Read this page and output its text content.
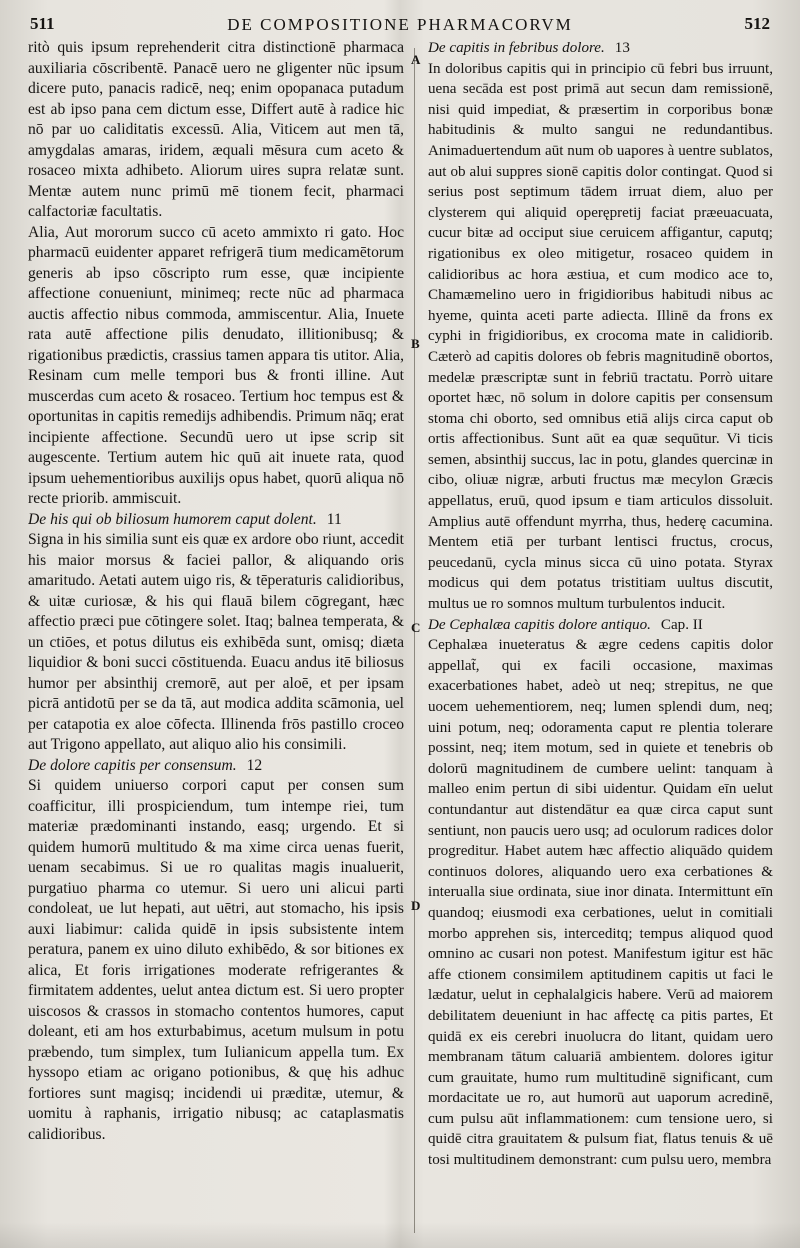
511	DE COMPOSITIONE PHARMACORVM	512

ritò quis ipsum reprehenderit citra distinctionē pharmaca auxiliaria cōscribentē. Panacē uero ne gligenter nūc ipsum dicere puto, panacis radicē, neq; enim opopanaca putadum est ab ipso pana cem dictum esse, Differt autē à radice hic nō par uo caliditatis excessū. Alia, Viticem aut men tā, amygdalas amaras, iridem, æquali mēsura cum aceto & rosaceo mixta adhibeto. Aliorum uires supra relatæ sunt. Mentæ autem nunc primū mē tionem fecit, pharmaci calfactoriæ facultatis.

Alia, Aut mororum succo cū aceto ammixto ri gato. Hoc pharmacū euidenter apparet refrigerā tium medicamētorum generis ab ipso cōscripto rum esse, quæ incipiente affectione conueniunt, minimeq; recte nūc ad pharmaca auctis affectio nibus commoda, ammiscentur. Alia, Inuete rata autē affectione pilis denudato, illitionibusq; & rigationibus prædictis, crassius tamen appara tis utitor. Alia, Resinam cum melle tempori bus & fronti illine. Aut muscerdas cum aceto & rosaceo. Tertium hoc tempus est & oportunitas in capitis remedijs adhibendis. Primum nāq; erat incipiente affectione. Secundū uero ut ipse scrip sit augescente. Tertium autem hic quū ait inuete rata, quod ipsum uehementioribus auxilijs opus habet, quorū aliqua nō recte priorib. ammiscuit.

De his qui ob biliosum humorem caput dolent. 11

Signa in his similia sunt eis quæ ex ardore obo riunt, accedit his maior morsus & faciei pallor, & aliquando oris amaritudo. Aetati autem uigo ris, & tēperaturis calidioribus, & uitæ curiosæ, & his qui flauā bilem cōgregant, hæc affectio præci pue cōtingere solet. Itaq; balnea temperata, & un ctiōes, et potus dilutus eis exhibēda sunt, omisq; diæta liquidior & boni succi cōstituenda. Euacu andus itē biliosus humor per absinthij cremorē, aut per aloē, et per ipsam picrā antidotū per se da tā, aut modica addita scāmonia, uel per catapotia ex aloe cōfecta. Illinenda frōs pastillo croceo aut Trigono appellato, aut aliquo alio his consimili.

De dolore capitis per consensum. 12

Si quidem uniuerso corpori caput per consen sum coafficitur, illi prospiciendum, tum intempe riei, tum materiæ prædominanti instando, easq; urgendo. Et si quidem humorū multitudo & ma xime circa uenas fuerit, uenam secabimus. Si ue ro qualitas magis inualuerit, purgatiuo pharma co utemur. Si uero uni alicui parti condoleat, ue lut hepati, aut uētri, aut stomacho, his ipsis auxi liabimur: calida quidē in ipsis subsistente intem peratura, panem ex uino diluto exhibēdo, & sor bitiones ex alica, Et foris irrigationes moderate refrigerantes & firmitatem addentes, uelut antea dictum est. Si uero propter uiscosos & crassos in stomacho contentos humores, caput doleant, eti am hos exturbabimus, acetum mulsum in potu præbendo, tum simplex, tum Iulianicum appella tum. Ex hyssopo etiam ac origano potionibus, & quę his adhuc fortiores sunt magisq; incidendi ui præditæ, utemur, & uomitu à raphanis, irrigatio nibusq; ac cataplasmatis calidioribus.

A
B
C
D

De capitis in febribus dolore. 13

In doloribus capitis qui in principio cū febri bus irruunt, uena secāda est post primā aut secun dam remissionē, nisi quid impediat, & præsertim in corporibus bonæ habitudinis & multo sangui ne redundantibus. Animaduertendum aūt num ob uapores à uentre sublatos, aut ob alui suppres sionē capitis dolor contingat. Quod si serius post septimum tādem irruat diem, aluo per clysterem qui aliquid operępretij faciat præeuacuata, cucur bitæ ad occiput siue ceruicem affigantur, caputq; rigationibus ex oleo mitigetur, rosaceo quidem in calidioribus ac hora æstiua, et cum modico ace to, Chamæmelino uero in frigidioribus habitudi nibus ac hyeme, quinta aceti parte adiecta. Illinē da frons ex cyphi in frigidioribus, ex crocoma mate in calidiorib. Cæterò ad capitis dolores ob febris magnitudinē obortos, medelæ præscriptæ sunt in febriū tractatu. Porrò uitare oportet hæc, nō solum in dolore capitis per consensum stoma chi oborto, sed omnibus etiā alijs circa caput ob ortis affectionibus. Sunt aūt ea quæ sequūtur. Vi ticis semen, absinthij succus, lac in potu, glandes quercinæ in cibo, oliuæ nigræ, arbuti fructus mæ mecylon Græcis appellatus, eruū, quod ipsum e tiam articulos dissoluit. Amplius autē offendunt myrrha, thus, hederę cacumina. Mentem etiā per turbant lentisci fructus, crocus, peucedanū, cycla minus sicca cū uino potata. Styrax modicus qui dem potatus tristitiam uultus discutit, multus ue ro somnos multum turbulentos inducit.

De Cephalæa capitis dolore antiquo. Cap. II

Cephalæa inueteratus & ægre cedens capitis dolor appellat̃, qui ex facili occasione, maximas exacerbationes habet, adeò ut neq; strepitus, ne que uocem uehementiorem, neq; lumen splendi dum, neq; uini potum, neq; odoramenta caput re plentia tolerare possint, neq; item motum, sed in quiete et tenebris ob dolorū magnitudinem de cumbere uelint: tanquam à malleo enim pertun di sibi uidentur. Quidam eīn uelut contundantur aut distendātur ea quæ circa caput sunt sentiunt, non paucis uero usq; ad oculorum radices dolor progreditur. Habet autem hæc affectio aliquādo quidem continuos dolores, aliquando uero exa cerbationes & interualla siue ordinata, siue inor dinata. Intermittunt eīn quandoq; eiusmodi exa cerbationes, uelut in comitiali morbo apprehen sis, interceditq; tempus aliquod quod omnino ac cusari non potest. Manifestum igitur est hāc affe ctionem consimilem aptitudinem capitis ut faci le lædatur, uelut in cephalalgicis habere. Verū ad maiorem debilitatem deueniunt in hac affectę ca pitis partes, Et quidā ex eis cerebri inuolucra do litant, quidam uero membranam tātum caluariā ambientem. dolores igitur cum grauitate, humo rum multitudinē significant, cum mordacitate ue ro, aut humorū aut uaporum acredinē, cum pulsu aūt inflammationem: cum tensione uero, si quidē citra grauitatem & pulsum fiat, flatus tenuis & uē tosi multitudinem demonstrant: cum pulsu uero, membra
